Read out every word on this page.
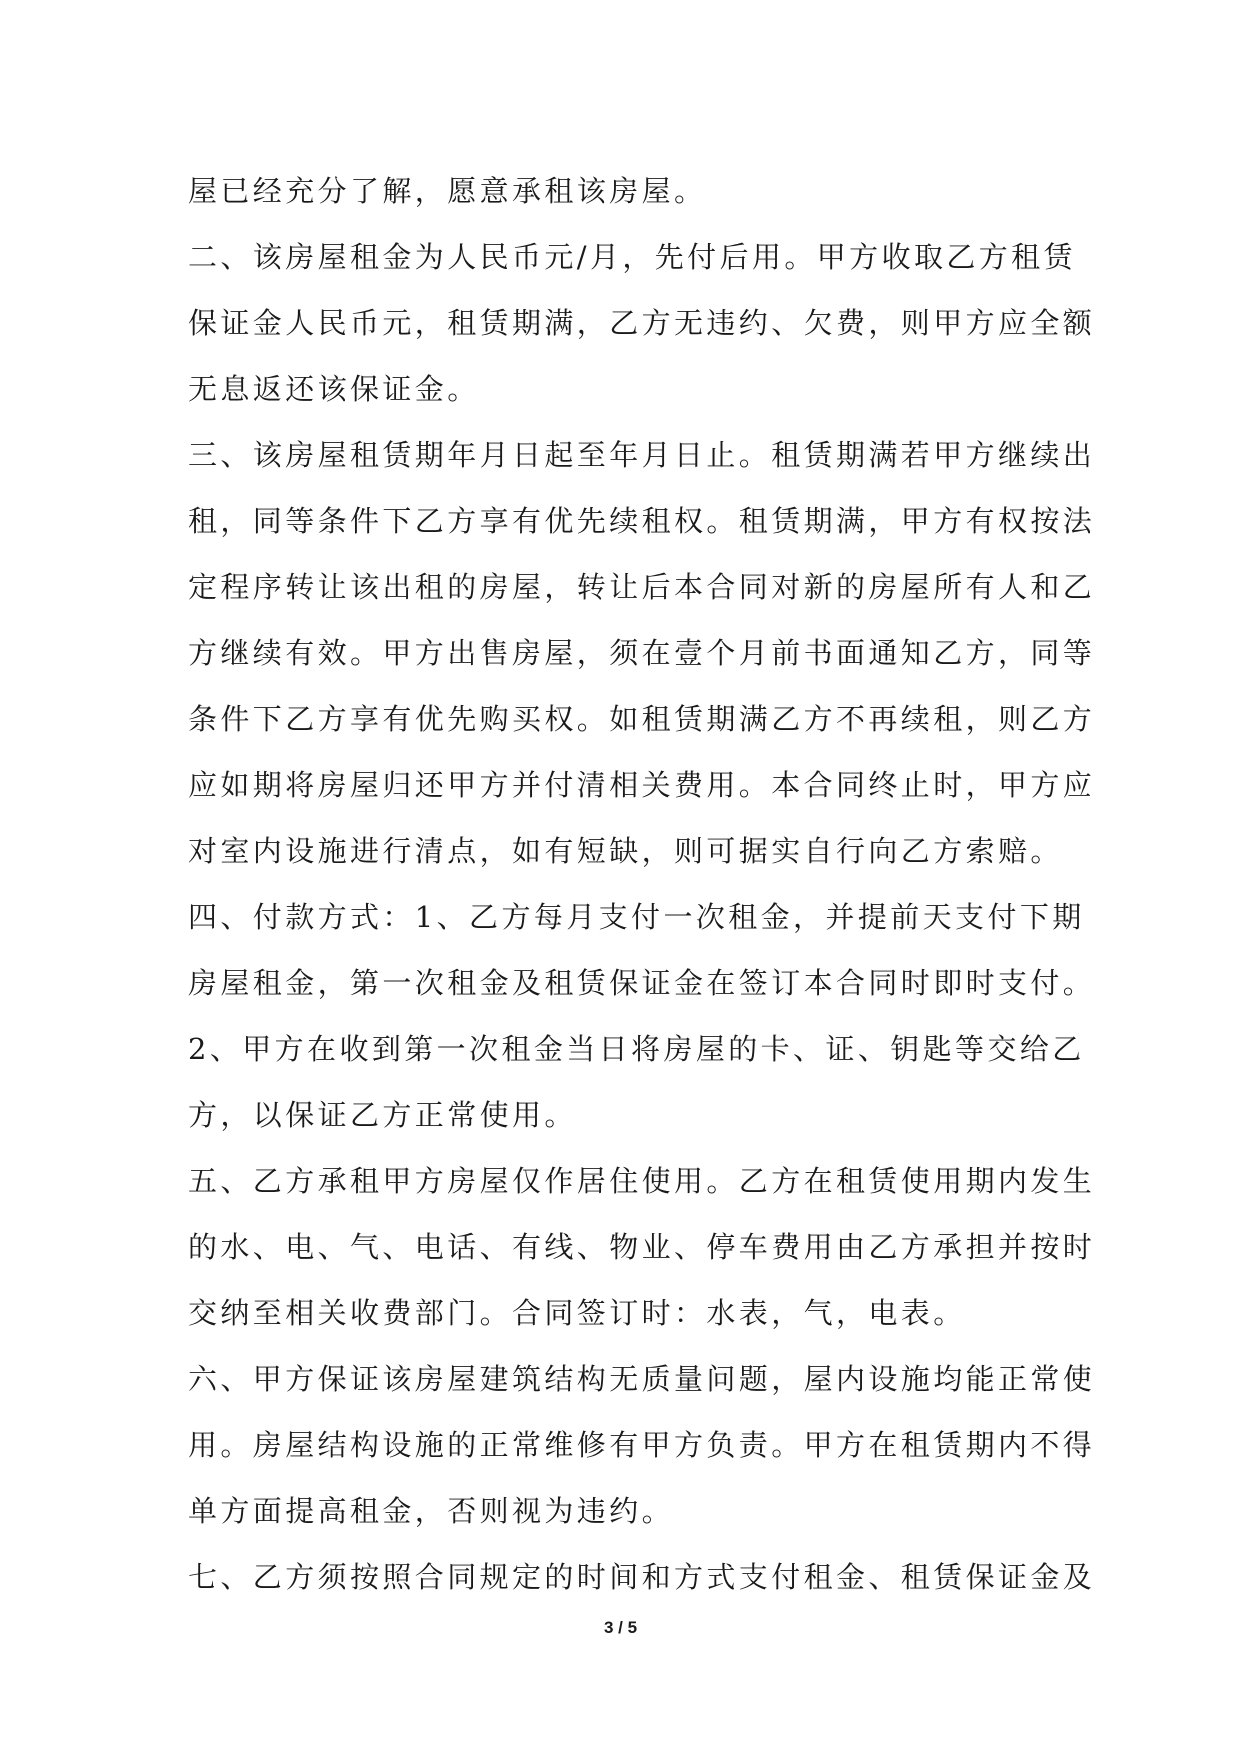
屋已经充分了解，愿意承租该房屋。
二、该房屋租金为人民币元/月，先付后用。甲方收取乙方租赁
保证金人民币元，租赁期满，乙方无违约、欠费，则甲方应全额
无息返还该保证金。
三、该房屋租赁期年月日起至年月日止。租赁期满若甲方继续出
租，同等条件下乙方享有优先续租权。租赁期满，甲方有权按法
定程序转让该出租的房屋，转让后本合同对新的房屋所有人和乙
方继续有效。甲方出售房屋，须在壹个月前书面通知乙方，同等
条件下乙方享有优先购买权。如租赁期满乙方不再续租，则乙方
应如期将房屋归还甲方并付清相关费用。本合同终止时，甲方应
对室内设施进行清点，如有短缺，则可据实自行向乙方索赔。
四、付款方式：1、乙方每月支付一次租金，并提前天支付下期
房屋租金，第一次租金及租赁保证金在签订本合同时即时支付。
2、甲方在收到第一次租金当日将房屋的卡、证、钥匙等交给乙
方，以保证乙方正常使用。
五、乙方承租甲方房屋仅作居住使用。乙方在租赁使用期内发生
的水、电、气、电话、有线、物业、停车费用由乙方承担并按时
交纳至相关收费部门。合同签订时：水表，气，电表。
六、甲方保证该房屋建筑结构无质量问题，屋内设施均能正常使
用。房屋结构设施的正常维修有甲方负责。甲方在租赁期内不得
单方面提高租金，否则视为违约。
七、乙方须按照合同规定的时间和方式支付租金、租赁保证金及
3 / 5
